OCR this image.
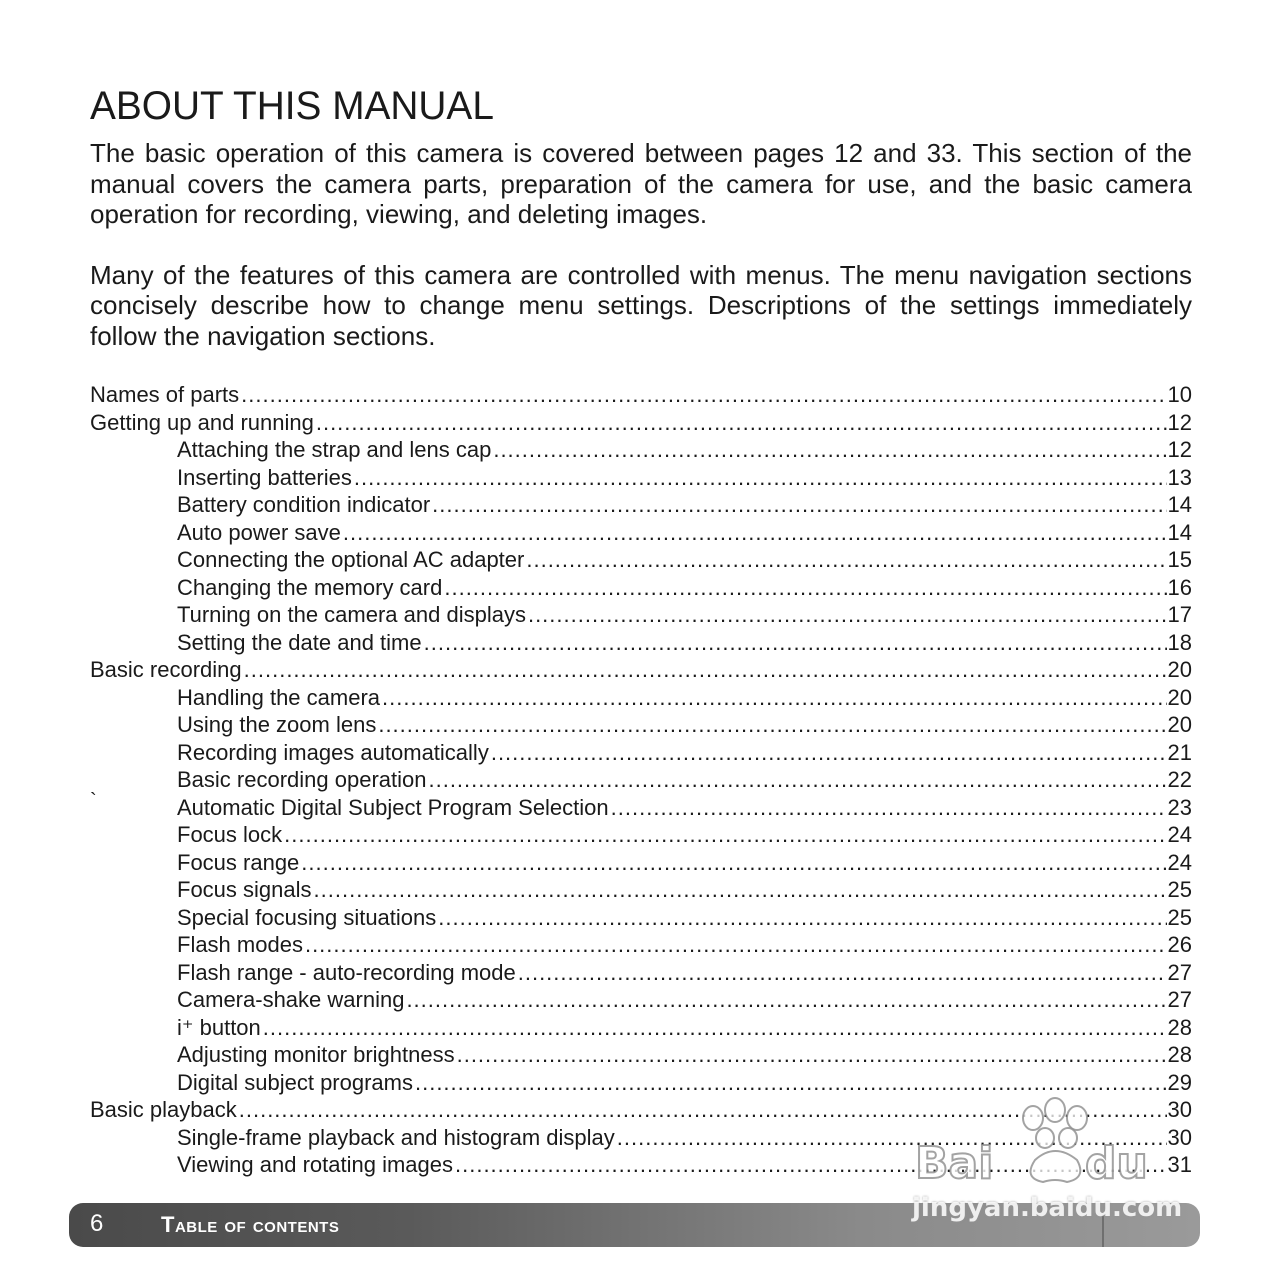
ABOUT THIS MANUAL

The basic operation of this camera is covered between pages 12 and 33. This section of the manual covers the camera parts, preparation of the camera for use, and the basic camera operation for recording, viewing, and deleting images.

Many of the features of this camera are controlled with menus. The menu navigation sections concisely describe how to change menu settings. Descriptions of the settings immediately follow the navigation sections.

Names of parts .....	10
Getting up and running .....	12
Attaching the strap and lens cap .....	12
Inserting batteries .....	13
Battery condition indicator .....	14
Auto power save .....	14
Connecting the optional AC adapter .....	15
Changing the memory card .....	16
Turning on the camera and displays .....	17
Setting the date and time .....	18
Basic recording .....	20
Handling the camera .....	20
Using the zoom lens .....	20
Recording images automatically .....	21
Basic recording operation .....	22
`	Automatic Digital Subject Program Selection .....	23
Focus lock .....	24
Focus range .....	24
Focus signals .....	25
Special focusing situations .....	25
Flash modes .....	26
Flash range - auto-recording mode .....	27
Camera-shake warning .....	27
i⁺ button .....	28
Adjusting monitor brightness .....	28
Digital subject programs .....	29
Basic playback .....	30
Single-frame playback and histogram display .....	30
Viewing and rotating images .....	31
6	Table of contents
Bai du
jingyan.baidu.com
